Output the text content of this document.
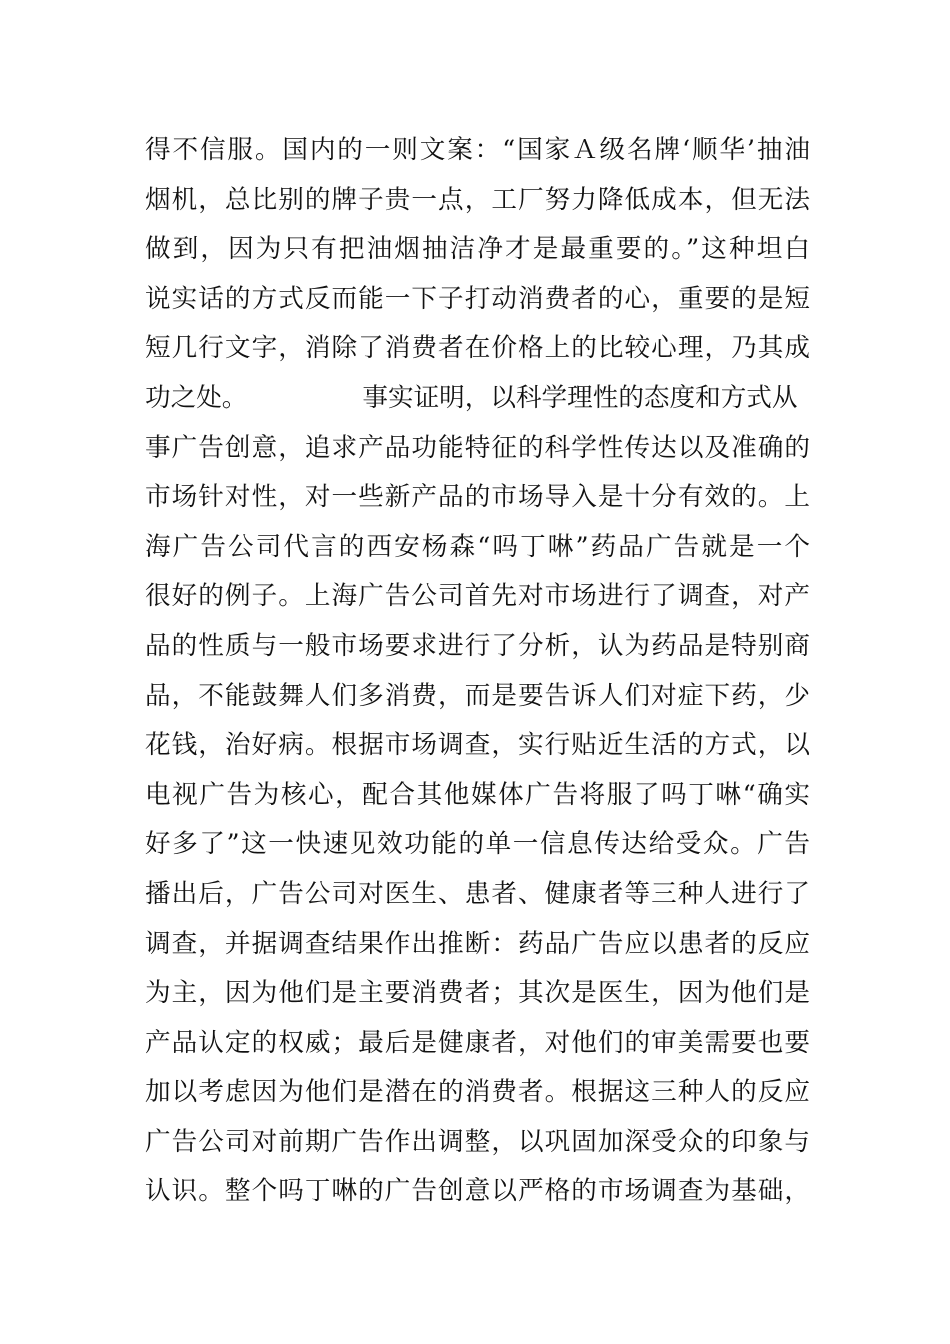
得不信服。国内的一则文案：“国家Ａ级名牌‘顺华’抽油
烟机，总比别的牌子贵一点，工厂努力降低成本，但无法
做到，因为只有把油烟抽洁净才是最重要的。”这种坦白
说实话的方式反而能一下子打动消费者的心，重要的是短
短几行文字，消除了消费者在价格上的比较心理，乃其成
功之处。	事实证明，以科学理性的态度和方式从
事广告创意，追求产品功能特征的科学性传达以及准确的
市场针对性，对一些新产品的市场导入是十分有效的。上
海广告公司代言的西安杨森“吗丁啉”药品广告就是一个
很好的例子。上海广告公司首先对市场进行了调查，对产
品的性质与一般市场要求进行了分析，认为药品是特别商
品，不能鼓舞人们多消费，而是要告诉人们对症下药，少
花钱，治好病。根据市场调查，实行贴近生活的方式，以
电视广告为核心，配合其他媒体广告将服了吗丁啉“确实
好多了”这一快速见效功能的单一信息传达给受众。广告
播出后，广告公司对医生、患者、健康者等三种人进行了
调查，并据调查结果作出推断：药品广告应以患者的反应
为主，因为他们是主要消费者；其次是医生，因为他们是
产品认定的权威；最后是健康者，对他们的审美需要也要
加以考虑因为他们是潜在的消费者。根据这三种人的反应
广告公司对前期广告作出调整，以巩固加深受众的印象与
认识。整个吗丁啉的广告创意以严格的市场调查为基础，
